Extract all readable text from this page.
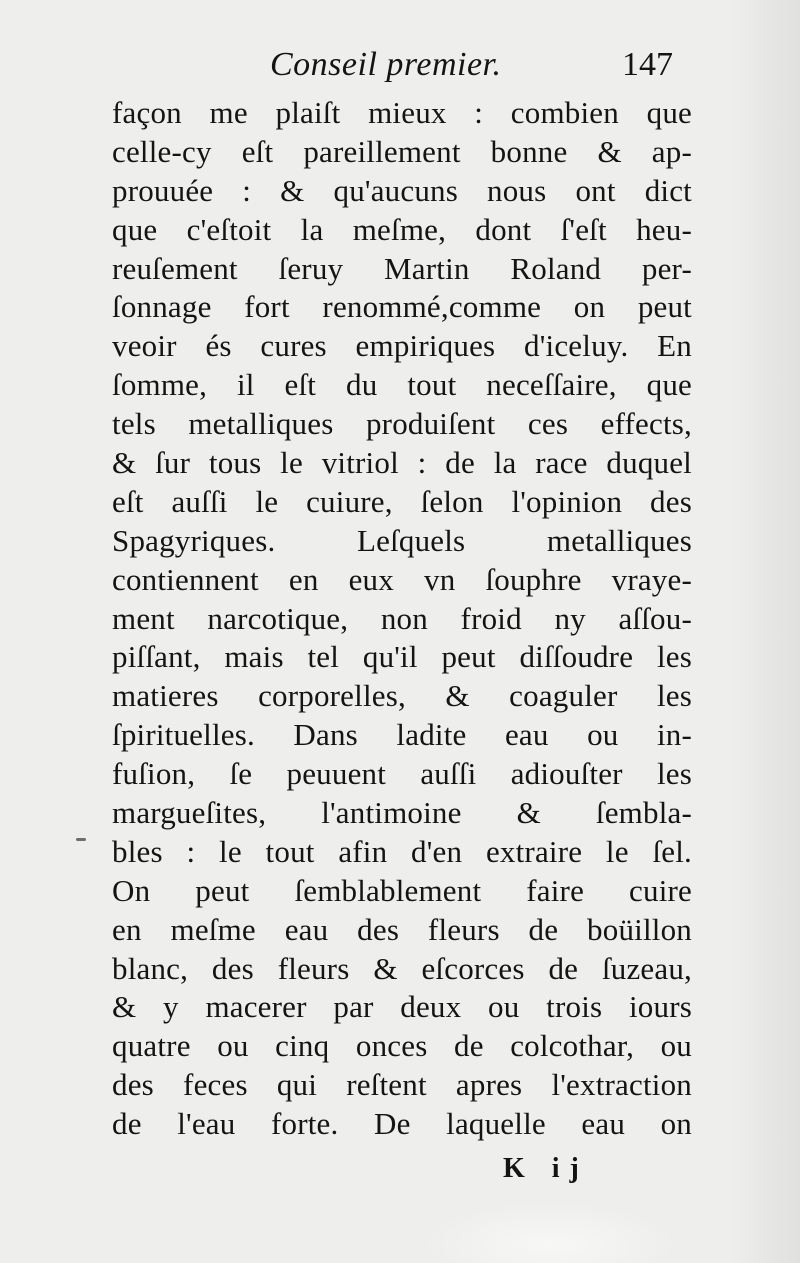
Conseil premier.	147
façon me plaiſt mieux : combien que
celle-cy eſt pareillement bonne & ap-
prouuée : & qu'aucuns nous ont dict
que c'eſtoit la meſme, dont ſ'eſt heu-
reuſement ſeruy Martin Roland per-
ſonnage fort renommé,comme on peut
veoir és cures empiriques d'iceluy. En
ſomme, il eſt du tout neceſſaire, que
tels metalliques produiſent ces effects,
& ſur tous le vitriol : de la race duquel
eſt auſſi le cuiure, ſelon l'opinion des
Spagyriques. Leſquels metalliques
contiennent en eux vn ſouphre vraye-
ment narcotique, non froid ny aſſou-
piſſant, mais tel qu'il peut diſſoudre les
matieres corporelles, & coaguler les
ſpirituelles. Dans ladite eau ou in-
fuſion, ſe peuuent auſſi adiouſter les
margueſites, l'antimoine & ſembla-
bles : le tout afin d'en extraire le ſel.
On peut ſemblablement faire cuire
en meſme eau des fleurs de boüillon
blanc, des fleurs & eſcorces de ſuzeau,
& y macerer par deux ou trois iours
quatre ou cinq onces de colcothar, ou
des feces qui reſtent apres l'extraction
de l'eau forte. De laquelle eau on
K ij
